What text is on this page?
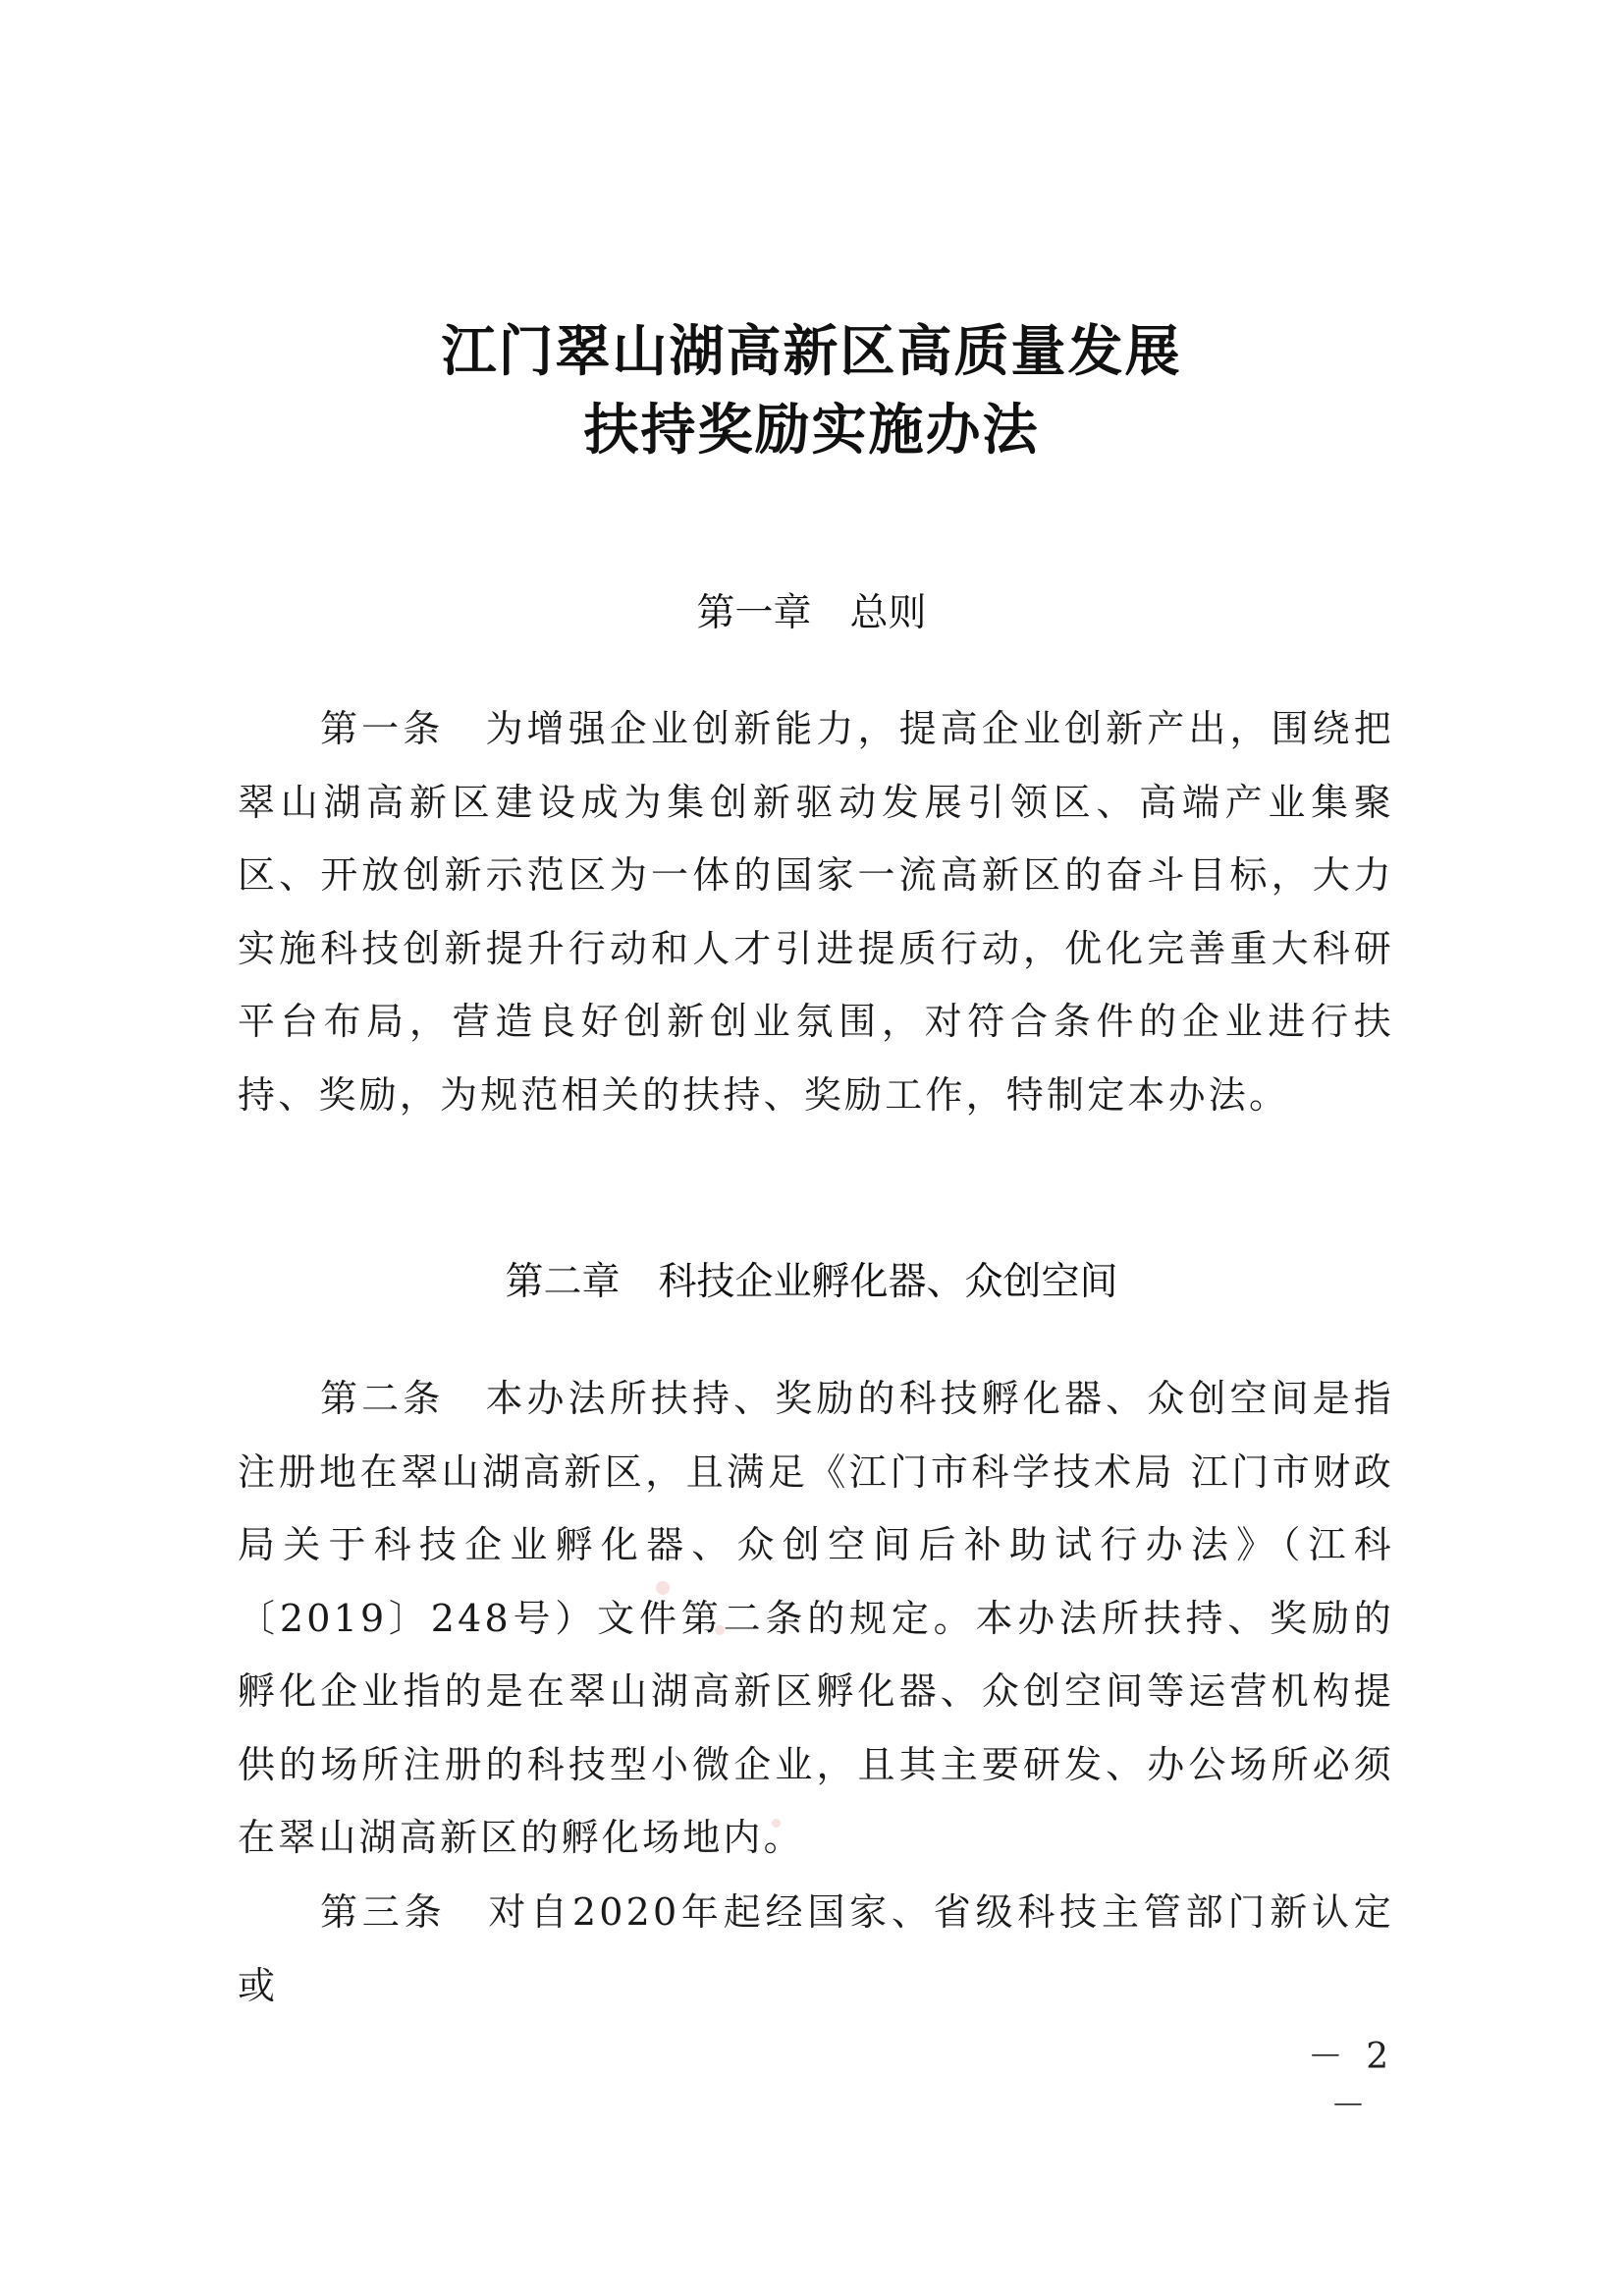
江门翠山湖高新区高质量发展
扶持奖励实施办法
第一章　总则

第一条　为增强企业创新能力，提高企业创新产出，围绕把翠山湖高新区建设成为集创新驱动发展引领区、高端产业集聚区、开放创新示范区为一体的国家一流高新区的奋斗目标，大力实施科技创新提升行动和人才引进提质行动，优化完善重大科研平台布局，营造良好创新创业氛围，对符合条件的企业进行扶持、奖励，为规范相关的扶持、奖励工作，特制定本办法。

第二章　科技企业孵化器、众创空间

第二条　本办法所扶持、奖励的科技孵化器、众创空间是指注册地在翠山湖高新区，且满足《江门市科学技术局 江门市财政局关于科技企业孵化器、众创空间后补助试行办法》（江科〔2019〕248号）文件第二条的规定。本办法所扶持、奖励的孵化企业指的是在翠山湖高新区孵化器、众创空间等运营机构提供的场所注册的科技型小微企业，且其主要研发、办公场所必须在翠山湖高新区的孵化场地内。

第三条　对自2020年起经国家、省级科技主管部门新认定或

－ 2 －
